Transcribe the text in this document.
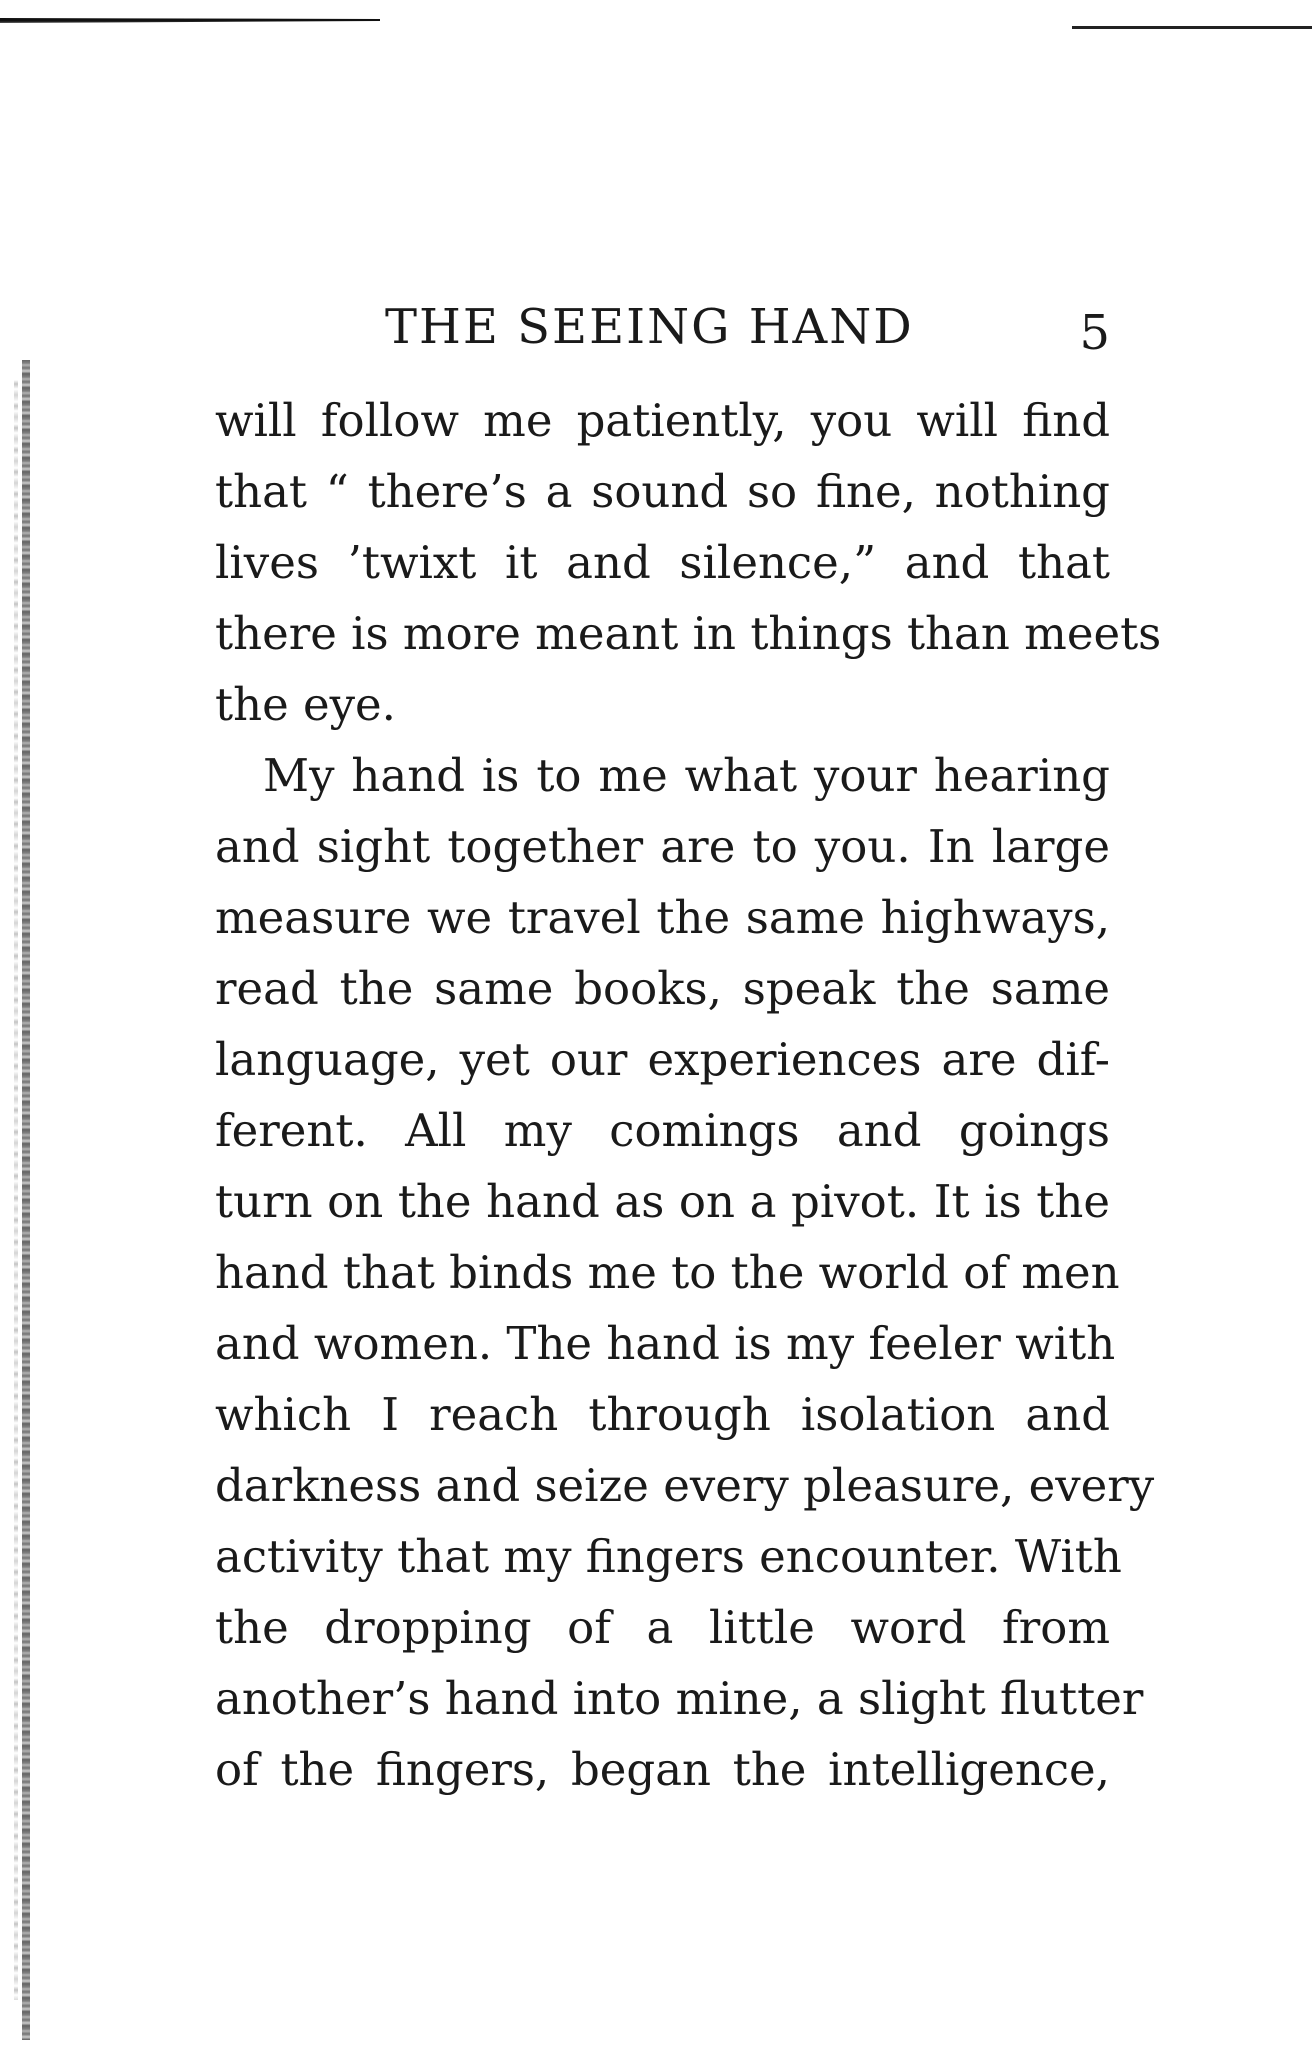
THE SEEING HAND	5
will follow me patiently, you will find
that “ there’s a sound so fine, nothing
lives ’twixt it and silence,” and that
there is more meant in things than meets
the eye.
My hand is to me what your hearing
and sight together are to you. In large
measure we travel the same highways,
read the same books, speak the same
language, yet our experiences are dif-
ferent. All my comings and goings
turn on the hand as on a pivot. It is the
hand that binds me to the world of men
and women. The hand is my feeler with
which I reach through isolation and
darkness and seize every pleasure, every
activity that my fingers encounter. With
the dropping of a little word from
another’s hand into mine, a slight flutter
of the fingers, began the intelligence,
